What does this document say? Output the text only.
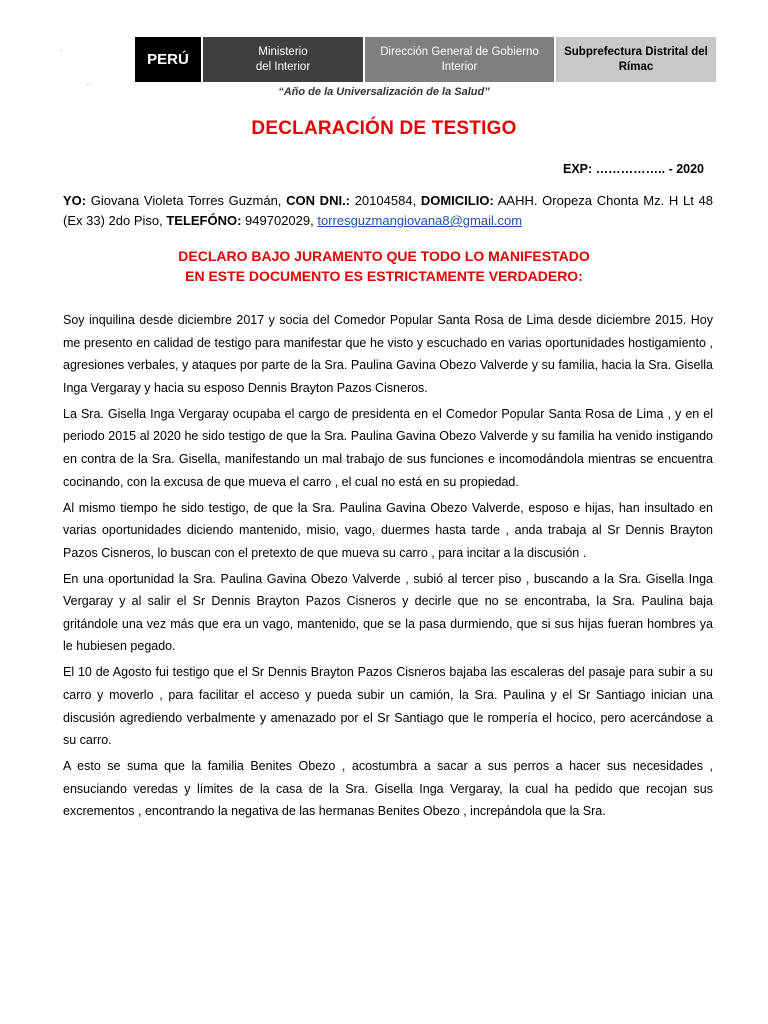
.
..
PERÚ	Ministerio
del Interior
Dirección General de Gobierno
Interior
Subprefectura Distrital del
Rímac
“Año de la Universalización de la Salud”
DECLARACIÓN DE TESTIGO
EXP: …………….. - 2020
YO: Giovana Violeta Torres Guzmán, CON DNI.: 20104584, DOMICILIO: AAHH. Oropeza Chonta Mz. H Lt 48 (Ex 33) 2do Piso, TELEFÓNO: 949702029, torresguzmangiovana8@gmail.com
DECLARO BAJO JURAMENTO QUE TODO LO MANIFESTADO
EN ESTE DOCUMENTO ES ESTRICTAMENTE VERDADERO:

Soy inquilina desde diciembre 2017 y socia del Comedor Popular Santa Rosa de Lima desde diciembre 2015. Hoy me presento en calidad de testigo para manifestar que he visto y escuchado en varias oportunidades hostigamiento , agresiones verbales, y ataques por parte de la Sra. Paulina Gavina Obezo Valverde y su familia, hacia la Sra. Gisella Inga Vergaray y hacia su esposo Dennis Brayton Pazos Cisneros.

La Sra. Gisella Inga Vergaray ocupaba el cargo de presidenta en el Comedor Popular Santa Rosa de Lima , y en el periodo 2015 al 2020 he sido testigo de que la Sra. Paulina Gavina Obezo Valverde y su familia ha venido instigando en contra de la Sra. Gisella, manifestando un mal trabajo de sus funciones e incomodándola mientras se encuentra cocinando, con la excusa de que mueva el carro , el cual no está en su propiedad.

Al mismo tiempo he sido testigo, de que la Sra. Paulina Gavina Obezo Valverde, esposo e hijas, han insultado en varias oportunidades diciendo mantenido, misio, vago, duermes hasta tarde , anda trabaja al Sr Dennis Brayton Pazos Cisneros, lo buscan con el pretexto de que mueva su carro , para incitar a la discusión .

En una oportunidad la Sra. Paulina Gavina Obezo Valverde , subió al tercer piso , buscando a la Sra. Gisella Inga Vergaray y al salir el Sr Dennis Brayton Pazos Cisneros y decirle que no se encontraba, la Sra. Paulina baja gritándole una vez más que era un vago, mantenido, que se la pasa durmiendo, que si sus hijas fueran hombres ya le hubiesen pegado.

El 10 de Agosto fui testigo que el Sr Dennis Brayton Pazos Cisneros bajaba las escaleras del pasaje para subir a su carro y moverlo , para facilitar el acceso y pueda subir un camión, la Sra. Paulina y el Sr Santiago inician una discusión agrediendo verbalmente y amenazado por el Sr Santiago que le rompería el hocico, pero acercándose a su carro.

A esto se suma que la familia Benites Obezo , acostumbra a sacar a sus perros a hacer sus necesidades , ensuciando veredas y límites de la casa de la Sra. Gisella Inga Vergaray, la cual ha pedido que recojan sus excrementos , encontrando la negativa de las hermanas Benites Obezo , increpándola que la Sra.
